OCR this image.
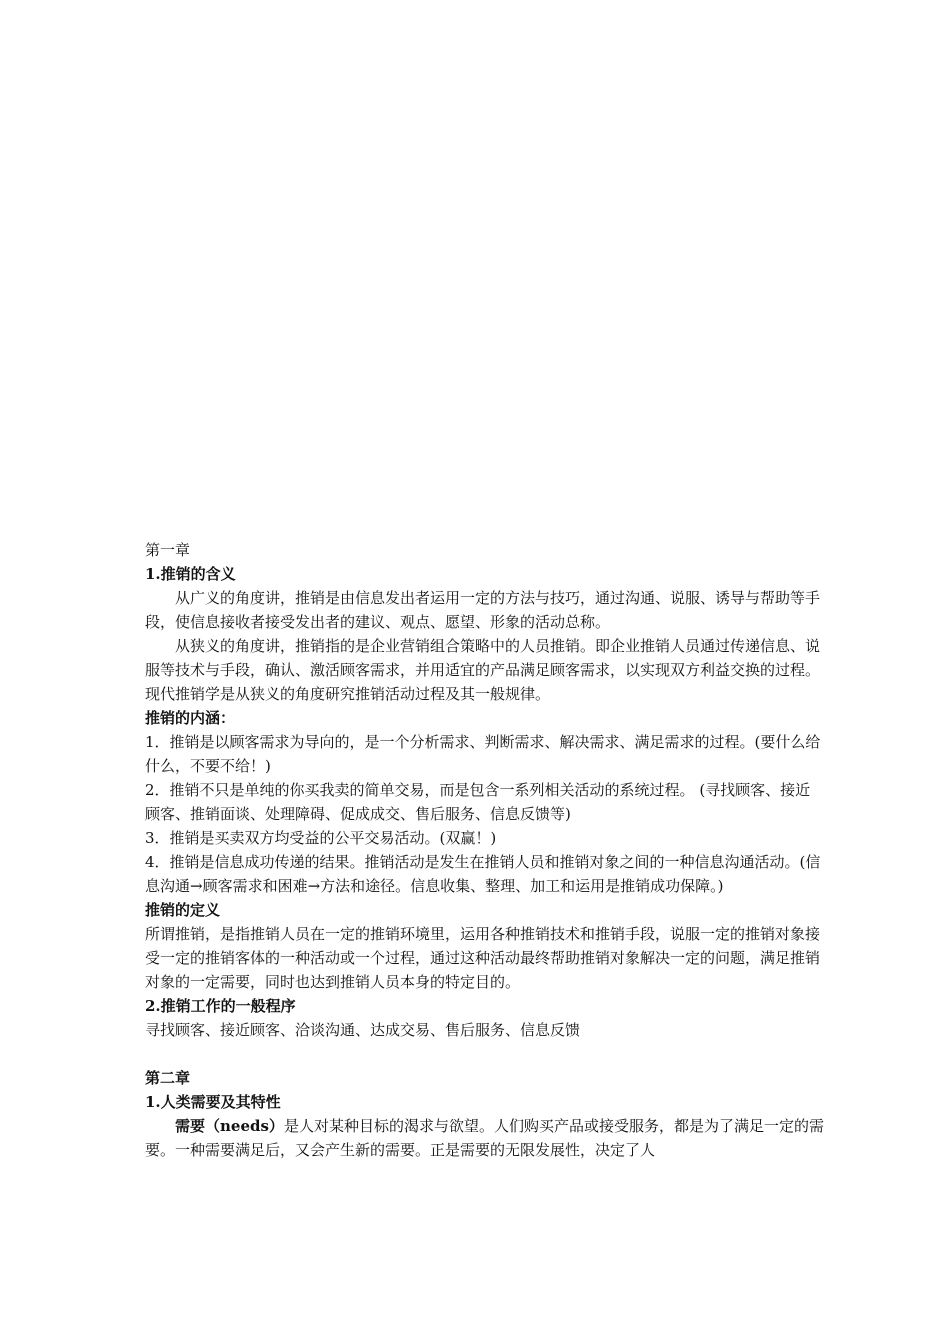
第一章

1.推销的含义

从广义的角度讲，推销是由信息发出者运用一定的方法与技巧，通过沟通、说服、诱导与帮助等手段，使信息接收者接受发出者的建议、观点、愿望、形象的活动总称。

从狭义的角度讲，推销指的是企业营销组合策略中的人员推销。即企业推销人员通过传递信息、说服等技术与手段，确认、激活顾客需求，并用适宜的产品满足顾客需求，以实现双方利益交换的过程。现代推销学是从狭义的角度研究推销活动过程及其一般规律。

推销的内涵：

1．推销是以顾客需求为导向的，是一个分析需求、判断需求、解决需求、满足需求的过程。(要什么给什么，不要不给！)

2．推销不只是单纯的你买我卖的简单交易，而是包含一系列相关活动的系统过程。 (寻找顾客、接近顾客、推销面谈、处理障碍、促成成交、售后服务、信息反馈等)

3．推销是买卖双方均受益的公平交易活动。(双赢！)

4．推销是信息成功传递的结果。推销活动是发生在推销人员和推销对象之间的一种信息沟通活动。(信息沟通→顾客需求和困难→方法和途径。信息收集、整理、加工和运用是推销成功保障。)

推销的定义

所谓推销，是指推销人员在一定的推销环境里，运用各种推销技术和推销手段，说服一定的推销对象接受一定的推销客体的一种活动或一个过程，通过这种活动最终帮助推销对象解决一定的问题，满足推销对象的一定需要，同时也达到推销人员本身的特定目的。

2.推销工作的一般程序

寻找顾客、接近顾客、洽谈沟通、达成交易、售后服务、信息反馈

第二章

1.人类需要及其特性

需要（needs）是人对某种目标的渴求与欲望。人们购买产品或接受服务，都是为了满足一定的需要。一种需要满足后，又会产生新的需要。正是需要的无限发展性，决定了人
